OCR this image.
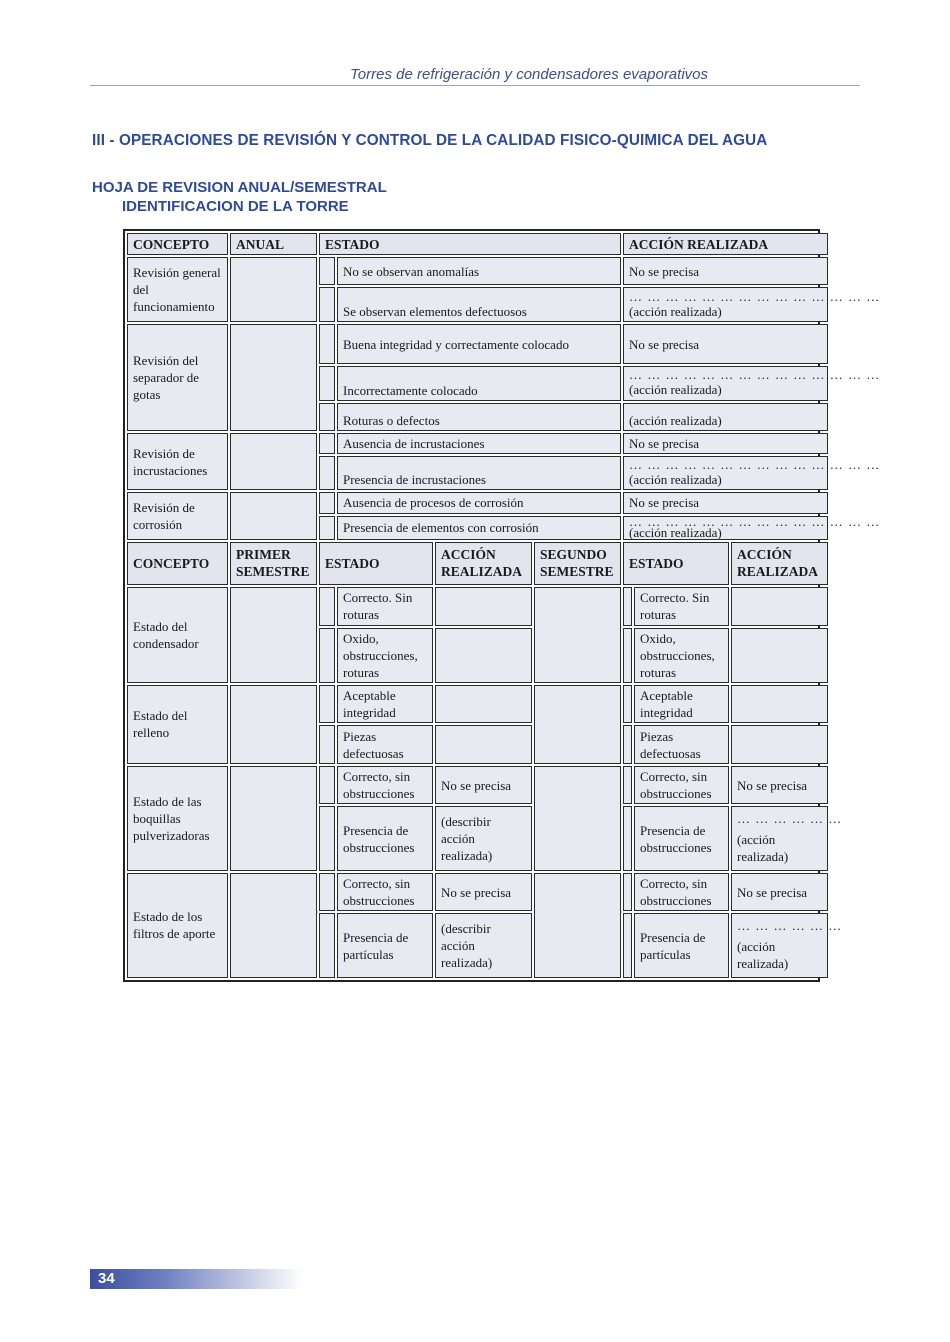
Torres de refrigeración y condensadores evaporativos
III - OPERACIONES DE REVISIÓN Y CONTROL DE LA CALIDAD FISICO-QUIMICA DEL AGUA
HOJA DE REVISION ANUAL/SEMESTRAL
IDENTIFICACION DE LA TORRE
CONCEPTO	ANUAL	ESTADO				ACCIÓN REALIZADA		
Revisión general del funcionamiento			No se observan anomalías			No se precisa		
			Se observan elementos defectuosos			… … … … … … … … … … … … … …
(acción realizada)		
Revisión del separador de gotas			Buena integridad y correctamente colocado			No se precisa		
			Incorrectamente colocado			… … … … … … … … … … … … … …
(acción realizada)		
			Roturas o defectos			(acción realizada)		
Revisión de incrustaciones			Ausencia de incrustaciones			No se precisa		
			Presencia de incrustaciones			… … … … … … … … … … … … … …
(acción realizada)		
Revisión de corrosión			Ausencia de procesos de corrosión			No se precisa		
			Presencia de elementos con corrosión			… … … … … … … … … … … … … …
(acción realizada)		

CONCEPTO	PRIMER SEMESTRE	ESTADO		ACCIÓN REALIZADA	SEGUNDO SEMESTRE	ESTADO		ACCIÓN REALIZADA
Estado del condensador			Correcto. Sin roturas				Correcto. Sin roturas	

			Oxido, obstrucciones, roturas				Oxido, obstrucciones, roturas	

Estado del relleno			Aceptable integridad				Aceptable integridad	

			Piezas defectuosas				Piezas defectuosas	

Estado de las boquillas pulverizadoras			Correcto, sin obstrucciones	No se precisa			Correcto, sin obstrucciones	No se precisa
			Presencia de obstrucciones	(describir acción realizada)			Presencia de obstrucciones	… … … … … …
(acción realizada)
Estado de los filtros de aporte			Correcto, sin obstrucciones	No se precisa			Correcto, sin obstrucciones	No se precisa
			Presencia de partículas	(describir acción realizada)			Presencia de partículas	… … … … … …
(acción realizada)
34
